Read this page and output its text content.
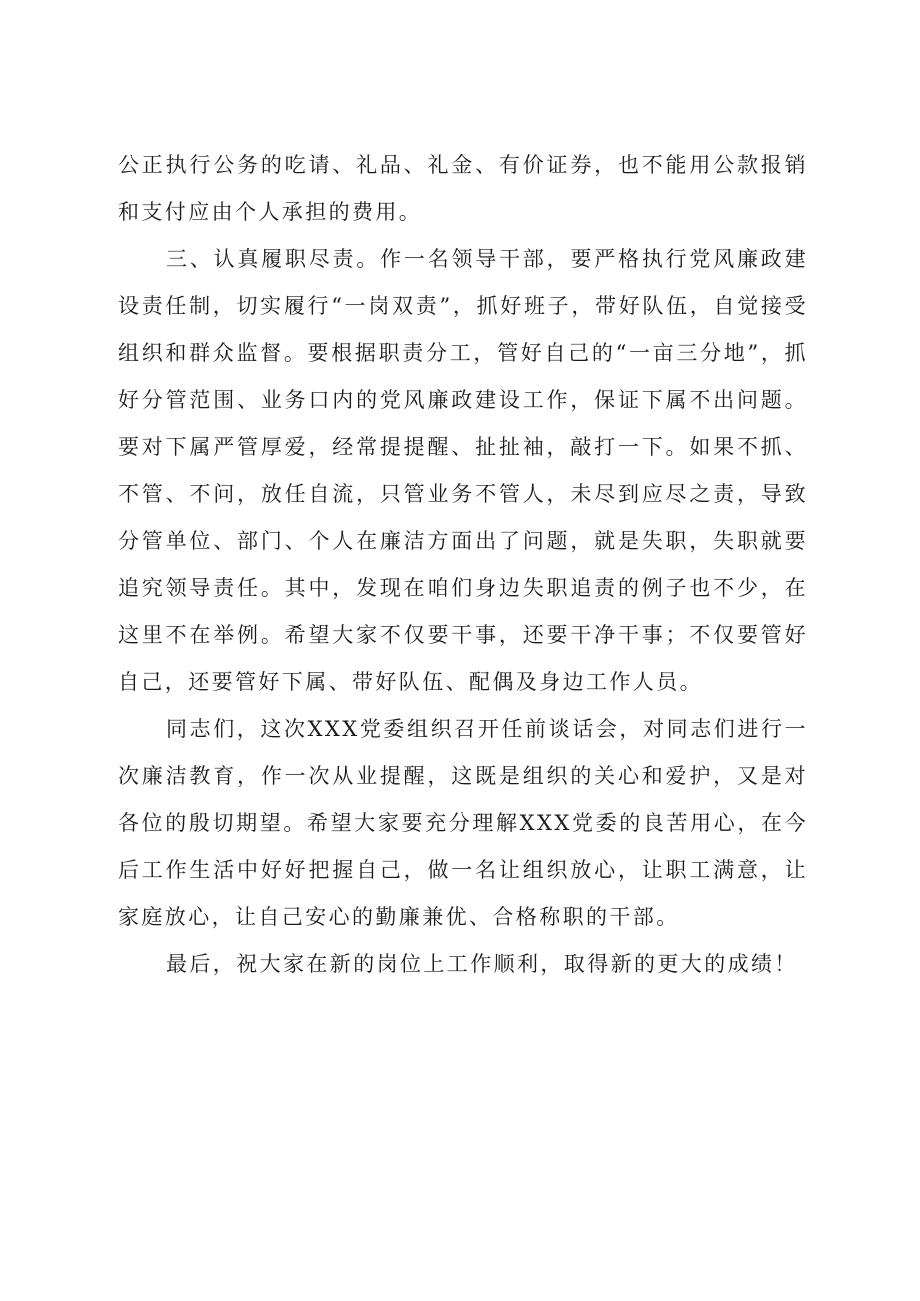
公正执行公务的吃请、礼品、礼金、有价证券，也不能用公款报销和支付应由个人承担的费用。

三、认真履职尽责。作一名领导干部，要严格执行党风廉政建设责任制，切实履行“一岗双责”，抓好班子，带好队伍，自觉接受组织和群众监督。要根据职责分工，管好自己的“一亩三分地”，抓好分管范围、业务口内的党风廉政建设工作，保证下属不出问题。要对下属严管厚爱，经常提提醒、扯扯袖，敲打一下。如果不抓、不管、不问，放任自流，只管业务不管人，未尽到应尽之责，导致分管单位、部门、个人在廉洁方面出了问题，就是失职，失职就要追究领导责任。其中，发现在咱们身边失职追责的例子也不少，在这里不在举例。希望大家不仅要干事，还要干净干事；不仅要管好自己，还要管好下属、带好队伍、配偶及身边工作人员。

同志们，这次XXX党委组织召开任前谈话会，对同志们进行一次廉洁教育，作一次从业提醒，这既是组织的关心和爱护，又是对各位的殷切期望。希望大家要充分理解XXX党委的良苦用心，在今后工作生活中好好把握自己，做一名让组织放心，让职工满意，让家庭放心，让自己安心的勤廉兼优、合格称职的干部。

最后，祝大家在新的岗位上工作顺利，取得新的更大的成绩！
